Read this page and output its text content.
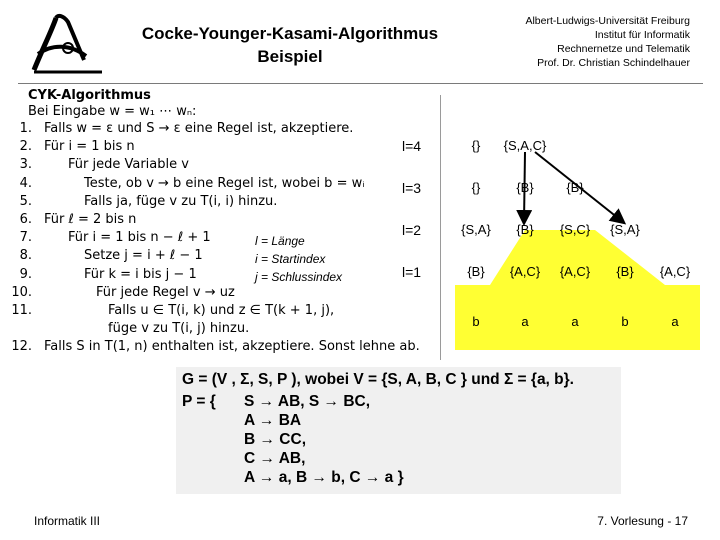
Cocke-Younger-Kasami-Algorithmus
Beispiel
Albert-Ludwigs-Universität Freiburg
Institut für Informatik
Rechnernetze und Telematik
Prof. Dr. Christian Schindelhauer
CYK-Algorithmus
Bei Eingabe w = w₁ ⋯ wₙ:
1. Falls w = ε und S → ε eine Regel ist, akzeptiere.
2. Für i = 1 bis n
3.	Für jede Variable v
4.	Teste, ob v → b eine Regel ist, wobei b = wᵢ
5.	Falls ja, füge v zu T(i, i) hinzu.
6. Für ℓ = 2 bis n
7.	Für i = 1 bis n − ℓ + 1
8.	Setze j = i + ℓ − 1
9.	Für k = i bis j − 1
10.	Für jede Regel v → uz
11.	Falls u ∈ T(i, k) und z ∈ T(k + 1, j),
füge v zu T(i, j) hinzu.
12. Falls S in T(1, n) enthalten ist, akzeptiere. Sonst lehne ab.
l = Länge
i = Startindex
j = Schlussindex
l=4
l=3
l=2
l=1
{}	{S,A,C}
{}	{B}	{B}
{S,A}	{B}	{S,C}	{S,A}
{B}	{A,C}	{A,C}	{B}	{A,C}
b	a	a	b	a
G = (V , Σ, S, P ), wobei V = {S, A, B, C } und Σ = {a, b}.
P = { S → AB, S → BC,
A → BA
B → CC,
C → AB,
A → a, B → b, C → a }
Informatik III	7. Vorlesung - 17
